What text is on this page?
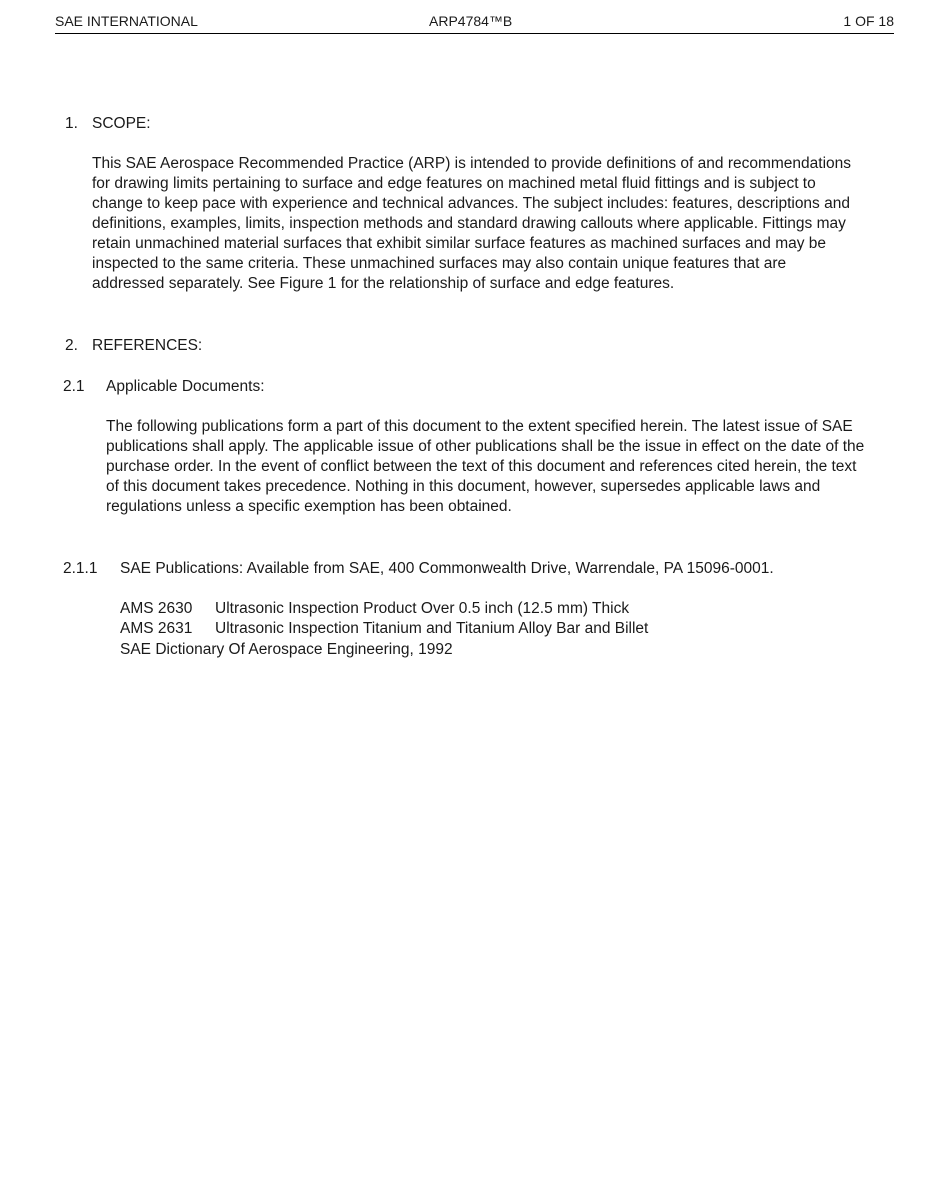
SAE INTERNATIONAL	ARP4784™B	1 OF 18
1. SCOPE:
This SAE Aerospace Recommended Practice (ARP) is intended to provide definitions of and recommendations for drawing limits pertaining to surface and edge features on machined metal fluid fittings and is subject to change to keep pace with experience and technical advances. The subject includes: features, descriptions and definitions, examples, limits, inspection methods and standard drawing callouts where applicable. Fittings may retain unmachined material surfaces that exhibit similar surface features as machined surfaces and may be inspected to the same criteria. These unmachined surfaces may also contain unique features that are addressed separately. See Figure 1 for the relationship of surface and edge features.
2. REFERENCES:
2.1 Applicable Documents:
The following publications form a part of this document to the extent specified herein. The latest issue of SAE publications shall apply. The applicable issue of other publications shall be the issue in effect on the date of the purchase order. In the event of conflict between the text of this document and references cited herein, the text of this document takes precedence. Nothing in this document, however, supersedes applicable laws and regulations unless a specific exemption has been obtained.
2.1.1 SAE Publications: Available from SAE, 400 Commonwealth Drive, Warrendale, PA 15096-0001.
AMS 2630 Ultrasonic Inspection Product Over 0.5 inch (12.5 mm) Thick
AMS 2631 Ultrasonic Inspection Titanium and Titanium Alloy Bar and Billet
SAE Dictionary Of Aerospace Engineering, 1992
